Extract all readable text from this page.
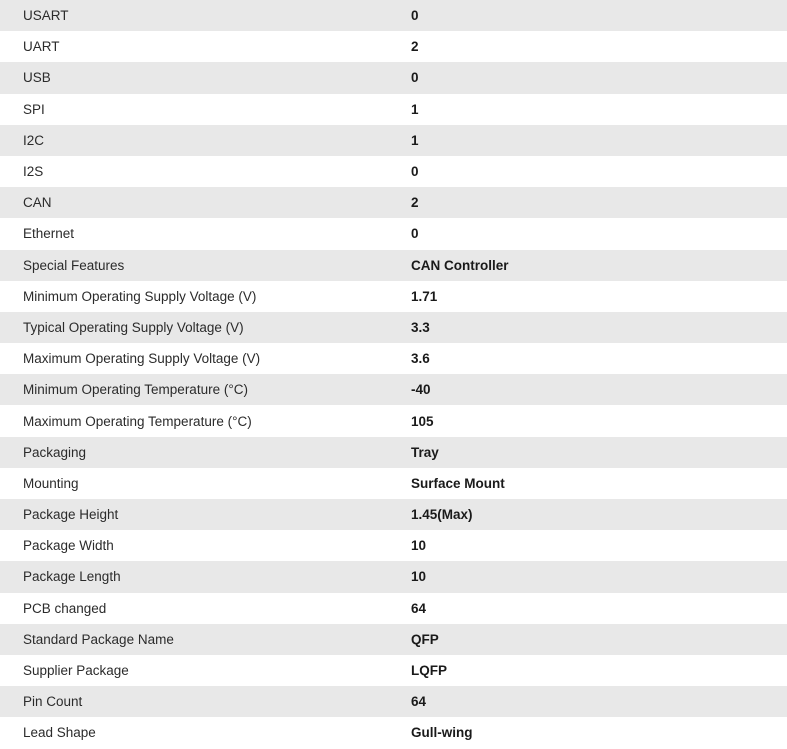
USART	0
UART	2
USB	0
SPI	1
I2C	1
I2S	0
CAN	2
Ethernet	0
Special Features	CAN Controller
Minimum Operating Supply Voltage (V)	1.71
Typical Operating Supply Voltage (V)	3.3
Maximum Operating Supply Voltage (V)	3.6
Minimum Operating Temperature (°C)	-40
Maximum Operating Temperature (°C)	105
Packaging	Tray
Mounting	Surface Mount
Package Height	1.45(Max)
Package Width	10
Package Length	10
PCB changed	64
Standard Package Name	QFP
Supplier Package	LQFP
Pin Count	64
Lead Shape	Gull-wing
